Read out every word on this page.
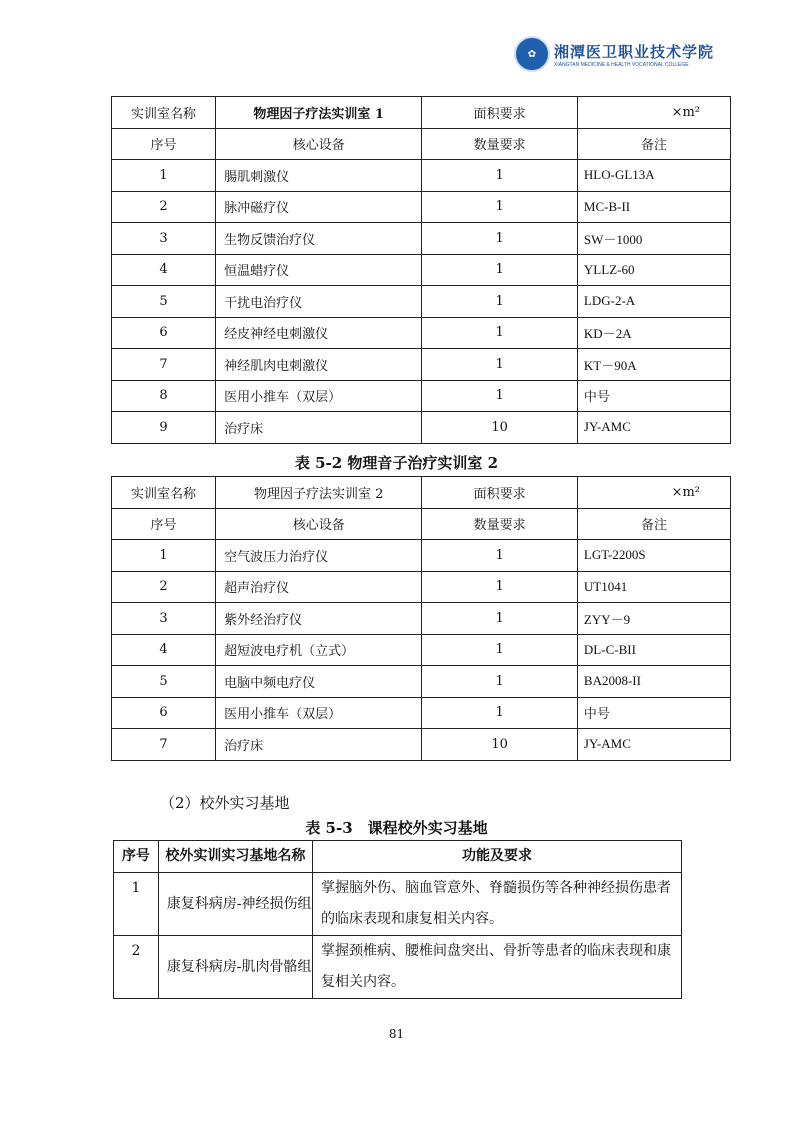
✿	湘潭医卫职业技术学院
XIANGTAN MEDICINE & HEALTH VOCATIONAL COLLEGE
实训室名称	物理因子疗法实训室 1	面积要求	×m²
序号	核心设备	数量要求	备注
1	腸肌刺激仪	1	HLO-GL13A
2	脉冲磁疗仪	1	MC-B-II
3	生物反馈治疗仪	1	SW－1000
4	恒温蜡疗仪	1	YLLZ-60
5	干扰电治疗仪	1	LDG-2-A
6	经皮神经电刺激仪	1	KD－2A
7	神经肌肉电刺激仪	1	KT－90A
8	医用小推车（双层）	1	中号
9	治疗床	10	JY-AMC
表 5-2 物理音子治疗实训室 2
实训室名称	物理因子疗法实训室 2	面积要求	×m²
序号	核心设备	数量要求	备注
1	空气波压力治疗仪	1	LGT-2200S
2	超声治疗仪	1	UT1041
3	紫外经治疗仪	1	ZYY－9
4	超短波电疗机（立式）	1	DL-C-BII
5	电脑中频电疗仪	1	BA2008-II
6	医用小推车（双层）	1	中号
7	治疗床	10	JY-AMC
（2）校外实习基地
表 5-3　课程校外实习基地
序号	校外实训实习基地名称	功能及要求
1	康复科病房-神经损伤组	掌握脑外伤、脑血管意外、脊髓损伤等各种神经损伤患者的临床表现和康复相关内容。
2	康复科病房-肌肉骨骼组	掌握颈椎病、腰椎间盘突出、骨折等患者的临床表现和康复相关内容。
81
